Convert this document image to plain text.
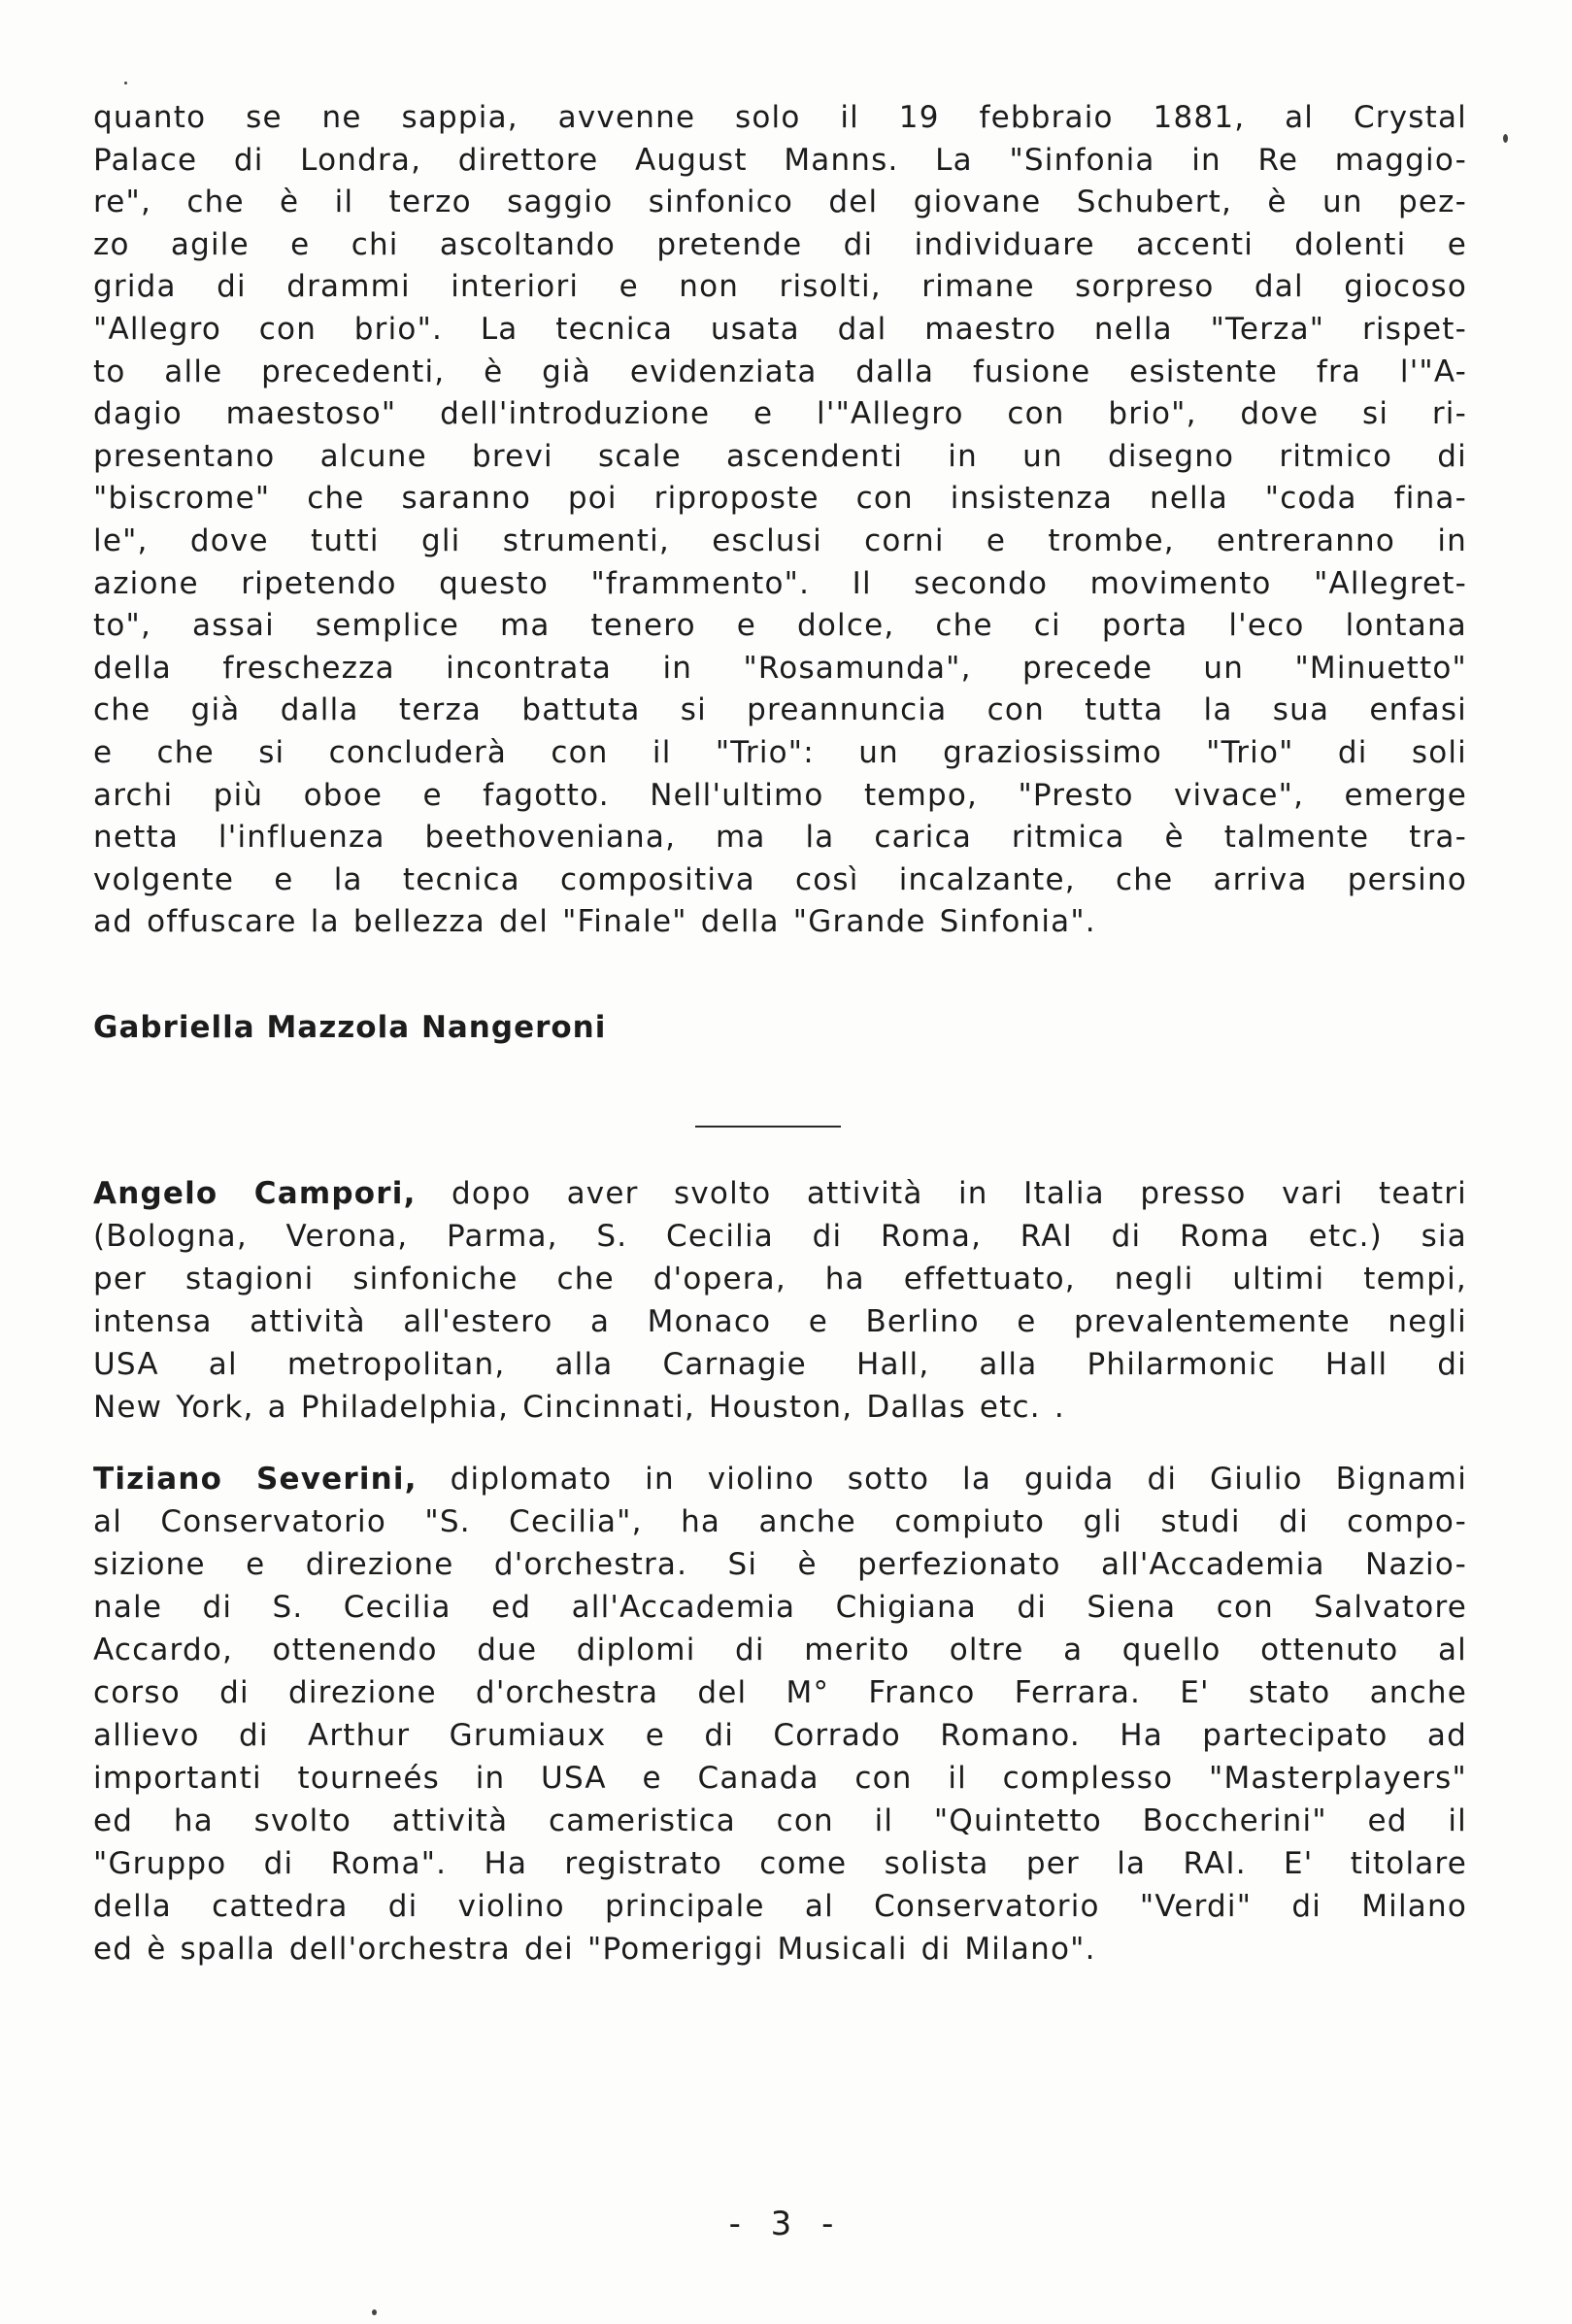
quanto se ne sappia, avvenne solo il 19 febbraio 1881, al Crystal
Palace di Londra, direttore August Manns. La "Sinfonia in Re maggio-
re", che è il terzo saggio sinfonico del giovane Schubert, è un pez-
zo agile e chi ascoltando pretende di individuare accenti dolenti e
grida di drammi interiori e non risolti, rimane sorpreso dal giocoso
"Allegro con brio". La tecnica usata dal maestro nella "Terza" rispet-
to alle precedenti, è già evidenziata dalla fusione esistente fra l'"A-
dagio maestoso" dell'introduzione e l'"Allegro con brio", dove si ri-
presentano alcune brevi scale ascendenti in un disegno ritmico di
"biscrome" che saranno poi riproposte con insistenza nella "coda fina-
le", dove tutti gli strumenti, esclusi corni e trombe, entreranno in
azione ripetendo questo "frammento". Il secondo movimento "Allegret-
to", assai semplice ma tenero e dolce, che ci porta l'eco lontana
della freschezza incontrata in "Rosamunda", precede un "Minuetto"
che già dalla terza battuta si preannuncia con tutta la sua enfasi
e che si concluderà con il "Trio": un graziosissimo "Trio" di soli
archi più oboe e fagotto. Nell'ultimo tempo, "Presto vivace", emerge
netta l'influenza beethoveniana, ma la carica ritmica è talmente tra-
volgente e la tecnica compositiva così incalzante, che arriva persino
ad offuscare la bellezza del "Finale" della "Grande Sinfonia".
Gabriella Mazzola Nangeroni
Angelo Campori, dopo aver svolto attività in Italia presso vari teatri
(Bologna, Verona, Parma, S. Cecilia di Roma, RAI di Roma etc.) sia
per stagioni sinfoniche che d'opera, ha effettuato, negli ultimi tempi,
intensa attività all'estero a Monaco e Berlino e prevalentemente negli
USA al metropolitan, alla Carnagie Hall, alla Philarmonic Hall di
New York, a Philadelphia, Cincinnati, Houston, Dallas etc. .
Tiziano Severini, diplomato in violino sotto la guida di Giulio Bignami
al Conservatorio "S. Cecilia", ha anche compiuto gli studi di compo-
sizione e direzione d'orchestra. Si è perfezionato all'Accademia Nazio-
nale di S. Cecilia ed all'Accademia Chigiana di Siena con Salvatore
Accardo, ottenendo due diplomi di merito oltre a quello ottenuto al
corso di direzione d'orchestra del M° Franco Ferrara. E' stato anche
allievo di Arthur Grumiaux e di Corrado Romano. Ha partecipato ad
importanti tourneés in USA e Canada con il complesso "Masterplayers"
ed ha svolto attività cameristica con il "Quintetto Boccherini" ed il
"Gruppo di Roma". Ha registrato come solista per la RAI. E' titolare
della cattedra di violino principale al Conservatorio "Verdi" di Milano
ed è spalla dell'orchestra dei "Pomeriggi Musicali di Milano".
- 3 -
